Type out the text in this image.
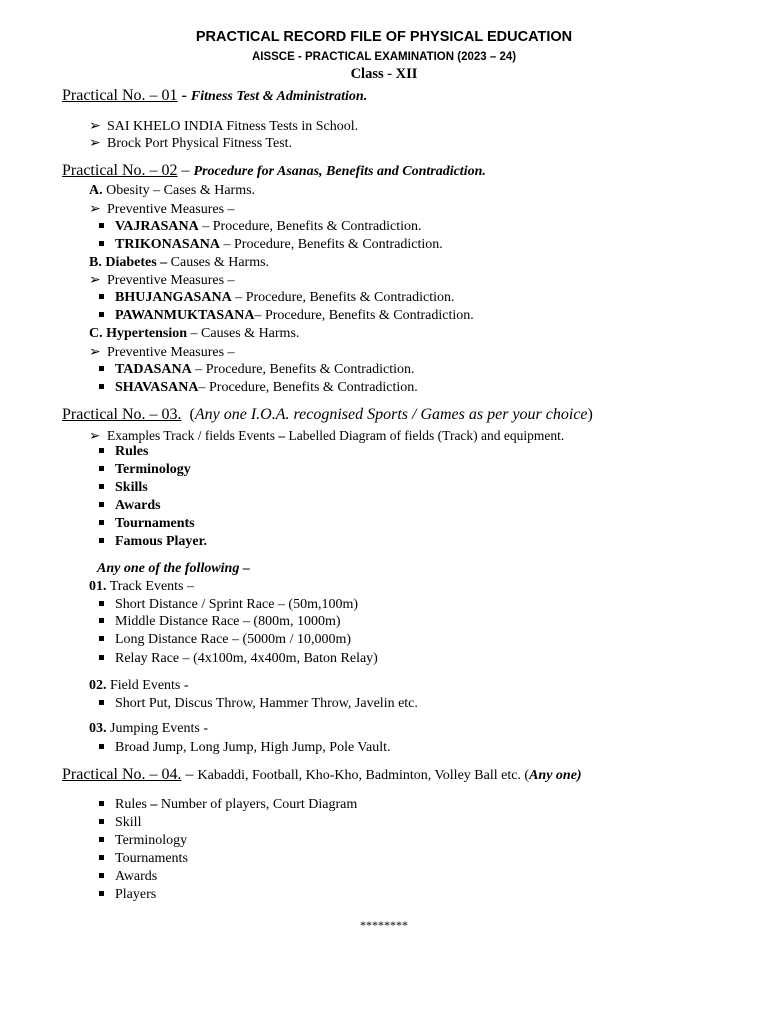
PRACTICAL RECORD FILE OF PHYSICAL EDUCATION
AISSCE - PRACTICAL EXAMINATION (2023 – 24)
Class - XII
Practical No. – 01 - Fitness Test & Administration.
➢ SAI KHELO INDIA Fitness Tests in School.
➢ Brock Port Physical Fitness Test.
Practical No. – 02 – Procedure for Asanas, Benefits and Contradiction.
A. Obesity – Cases & Harms.
➢ Preventive Measures –
VAJRASANA – Procedure, Benefits & Contradiction.
TRIKONASANA – Procedure, Benefits & Contradiction.
B. Diabetes – Causes & Harms.
➢ Preventive Measures –
BHUJANGASANA – Procedure, Benefits & Contradiction.
PAWANMUKTASANA– Procedure, Benefits & Contradiction.
C. Hypertension – Causes & Harms.
➢ Preventive Measures –
TADASANA – Procedure, Benefits & Contradiction.
SHAVASANA– Procedure, Benefits & Contradiction.
Practical No. – 03. (Any one I.O.A. recognised Sports / Games as per your choice)
➢ Examples Track / fields Events – Labelled Diagram of fields (Track) and equipment.
Rules
Terminology
Skills
Awards
Tournaments
Famous Player.
Any one of the following –
01. Track Events –
Short Distance / Sprint Race – (50m,100m)
Middle Distance Race – (800m, 1000m)
Long Distance Race – (5000m / 10,000m)
Relay Race – (4x100m, 4x400m, Baton Relay)
02. Field Events -
Short Put, Discus Throw, Hammer Throw, Javelin etc.
03. Jumping Events -
Broad Jump, Long Jump, High Jump, Pole Vault.
Practical No. – 04. – Kabaddi, Football, Kho-Kho, Badminton, Volley Ball etc. (Any one)
Rules – Number of players, Court Diagram
Skill
Terminology
Tournaments
Awards
Players
********
